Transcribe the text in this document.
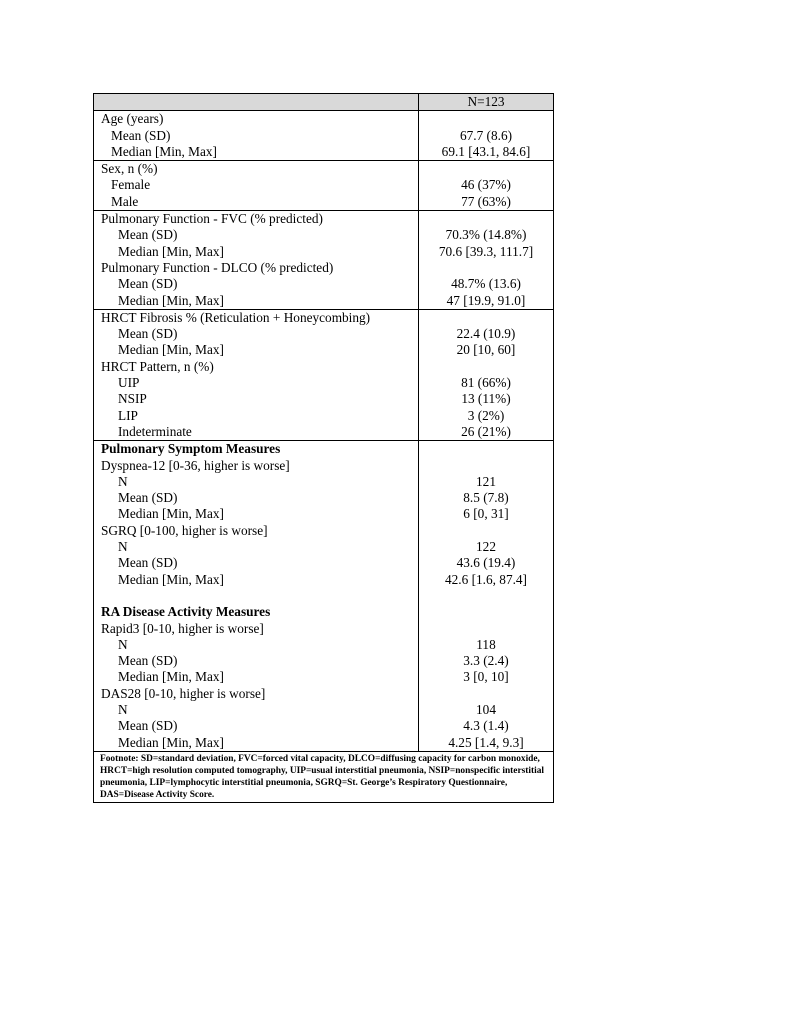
	N=123
Age (years)	
Mean (SD)	67.7 (8.6)
Median [Min, Max]	69.1 [43.1, 84.6]
Sex, n (%)	
Female	46 (37%)
Male	77 (63%)
Pulmonary Function - FVC (% predicted)	
Mean (SD)	70.3% (14.8%)
Median [Min, Max]	70.6 [39.3, 111.7]
Pulmonary Function - DLCO (% predicted)	
Mean (SD)	48.7% (13.6)
Median [Min, Max]	47 [19.9, 91.0]
HRCT Fibrosis % (Reticulation + Honeycombing)	
Mean (SD)	22.4 (10.9)
Median [Min, Max]	20 [10, 60]
HRCT Pattern, n (%)	
UIP	81 (66%)
NSIP	13 (11%)
LIP	3 (2%)
Indeterminate	26 (21%)
Pulmonary Symptom Measures	
Dyspnea-12 [0-36, higher is worse]	
N	121
Mean (SD)	8.5 (7.8)
Median [Min, Max]	6 [0, 31]
SGRQ [0-100, higher is worse]	
N	122
Mean (SD)	43.6 (19.4)
Median [Min, Max]	42.6 [1.6, 87.4]

RA Disease Activity Measures	
Rapid3 [0-10, higher is worse]	
N	118
Mean (SD)	3.3 (2.4)
Median [Min, Max]	3 [0, 10]
DAS28 [0-10, higher is worse]	
N	104
Mean (SD)	4.3 (1.4)
Median [Min, Max]	4.25 [1.4, 9.3]
Footnote: SD=standard deviation, FVC=forced vital capacity, DLCO=diffusing capacity for carbon monoxide, HRCT=high resolution computed tomography, UIP=usual interstitial pneumonia, NSIP=nonspecific interstitial pneumonia, LIP=lymphocytic interstitial pneumonia, SGRQ=St. George’s Respiratory Questionnaire, DAS=Disease Activity Score.	
